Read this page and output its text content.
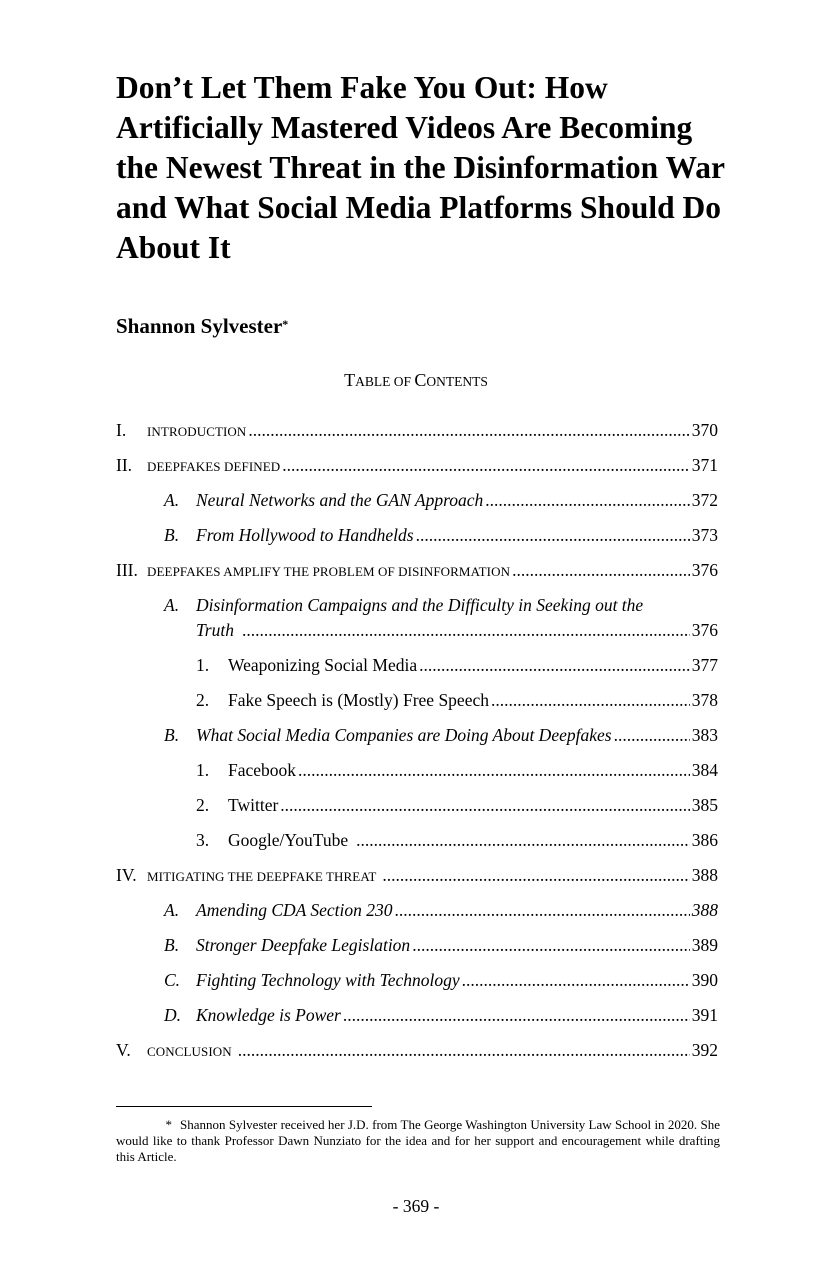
Don’t Let Them Fake You Out: How Artificially Mastered Videos Are Becoming the Newest Threat in the Disinformation War and What Social Media Platforms Should Do About It

Shannon Sylvester*

TABLE OF CONTENTS

I. INTRODUCTION .....	370
II. DEEPFAKES DEFINED .....	371
A. Neural Networks and the GAN Approach .....	372
B. From Hollywood to Handhelds .....	373
III. DEEPFAKES AMPLIFY THE PROBLEM OF DISINFORMATION .....	376
A. Disinformation Campaigns and the Difficulty in Seeking out the
Truth .....	376
1. Weaponizing Social Media .....	377
2. Fake Speech is (Mostly) Free Speech .....	378
B. What Social Media Companies are Doing About Deepfakes .....	383
1. Facebook .....	384
2. Twitter .....	385
3. Google/YouTube .....	386
IV. MITIGATING THE DEEPFAKE THREAT .....	388
A. Amending CDA Section 230 .....	388
B. Stronger Deepfake Legislation .....	389
C. Fighting Technology with Technology .....	390
D. Knowledge is Power .....	391
V. CONCLUSION .....	392
* Shannon Sylvester received her J.D. from The George Washington University Law School in 2020. She would like to thank Professor Dawn Nunziato for the idea and for her support and encouragement while drafting this Article.
- 369 -
